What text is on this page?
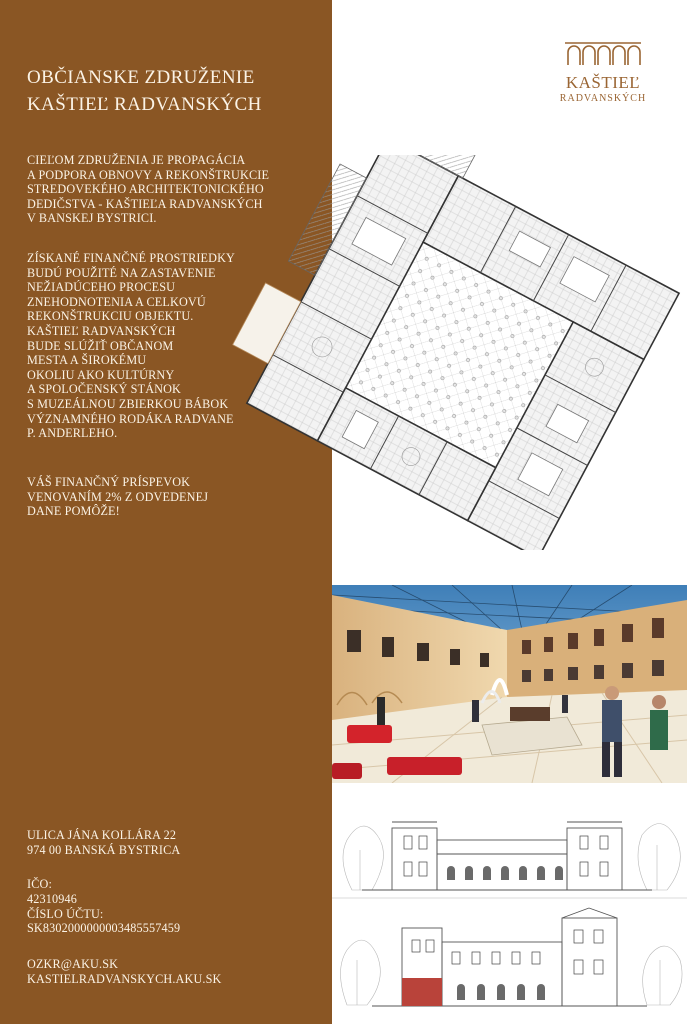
OBČIANSKE ZDRUŽENIE
KAŠTIEĽ RADVANSKÝCH
CIEĽOM ZDRUŽENIA JE PROPAGÁCIA
A PODPORA OBNOVY A REKONŠTRUKCIE
STREDOVEKÉHO ARCHITEKTONICKÉHO
DEDIČSTVA - KAŠTIEĽA RADVANSKÝCH
V BANSKEJ BYSTRICI.
ZÍSKANÉ FINANČNÉ PROSTRIEDKY
BUDÚ POUŽITÉ NA ZASTAVENIE
NEŽIADÚCEHO PROCESU
ZNEHODNOTENIA A CELKOVÚ
REKONŠTRUKCIU OBJEKTU.
KAŠTIEĽ RADVANSKÝCH
BUDE SLÚŽIŤ OBČANOM
MESTA A ŠIROKÉMU
OKOLIU AKO KULTÚRNY
A SPOLOČENSKÝ STÁNOK
S MUZEÁLNOU ZBIERKOU BÁBOK
VÝZNAMNÉHO RODÁKA RADVANE
P. ANDERLEHO.
VÁŠ FINANČNÝ PRÍSPEVOK
VENOVANÍM 2% Z ODVEDENEJ
DANE POMÔŽE!
ULICA JÁNA KOLLÁRA 22
974 00 BANSKÁ BYSTRICA
IČO:
42310946
ČÍSLO ÚČTU:
SK8302000000003485557459
OZKR@AKU.SK
KASTIELRADVANSKYCH.AKU.SK
KAŠTIEĽ
RADVANSKÝCH
